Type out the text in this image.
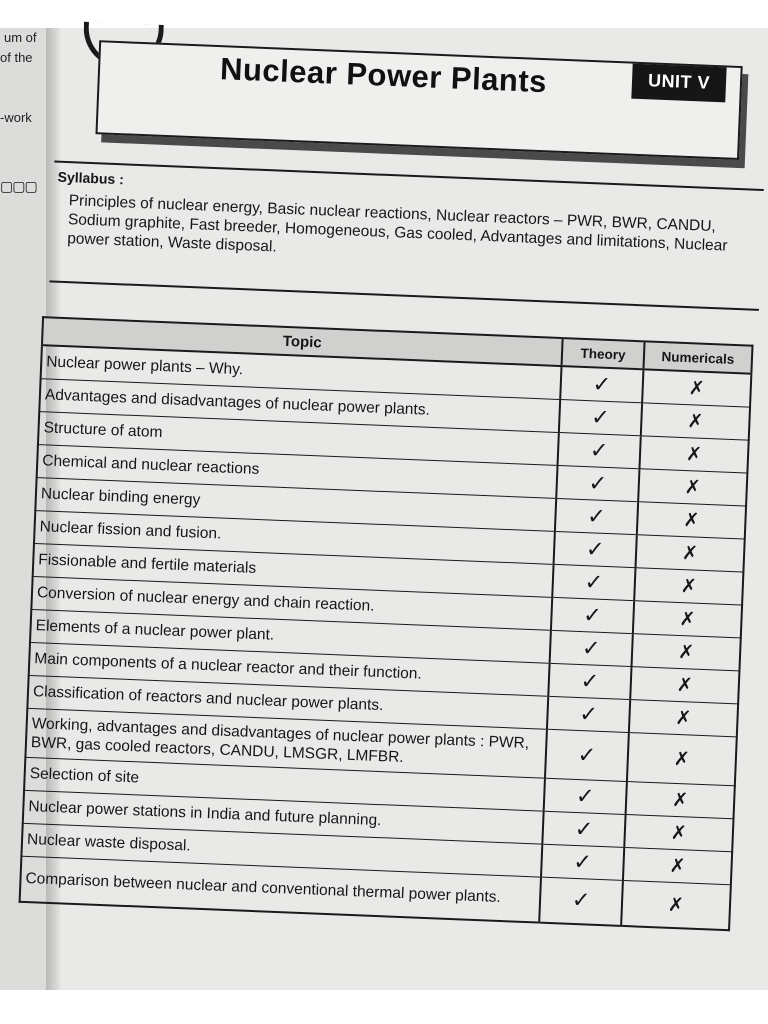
um of
of the
-work
▢▢▢
Nuclear Power Plants	UNIT V
Syllabus :
Principles of nuclear energy, Basic nuclear reactions, Nuclear reactors – PWR, BWR, CANDU, Sodium graphite, Fast breeder, Homogeneous, Gas cooled, Advantages and limitations, Nuclear power station, Waste disposal.
Topic	Theory	Numericals
Nuclear power plants – Why.	✓	✗
Advantages and disadvantages of nuclear power plants.	✓	✗
Structure of atom	✓	✗
Chemical and nuclear reactions	✓	✗
Nuclear binding energy	✓	✗
Nuclear fission and fusion.	✓	✗
Fissionable and fertile materials	✓	✗
Conversion of nuclear energy and chain reaction.	✓	✗
Elements of a nuclear power plant.	✓	✗
Main components of a nuclear reactor and their function.	✓	✗
Classification of reactors and nuclear power plants.	✓	✗
Working, advantages and disadvantages of nuclear power plants : PWR, BWR, gas cooled reactors, CANDU, LMSGR, LMFBR.	✓	✗
Selection of site	✓	✗
Nuclear power stations in India and future planning.	✓	✗
Nuclear waste disposal.	✓	✗
Comparison between nuclear and conventional thermal power plants.	✓	✗
